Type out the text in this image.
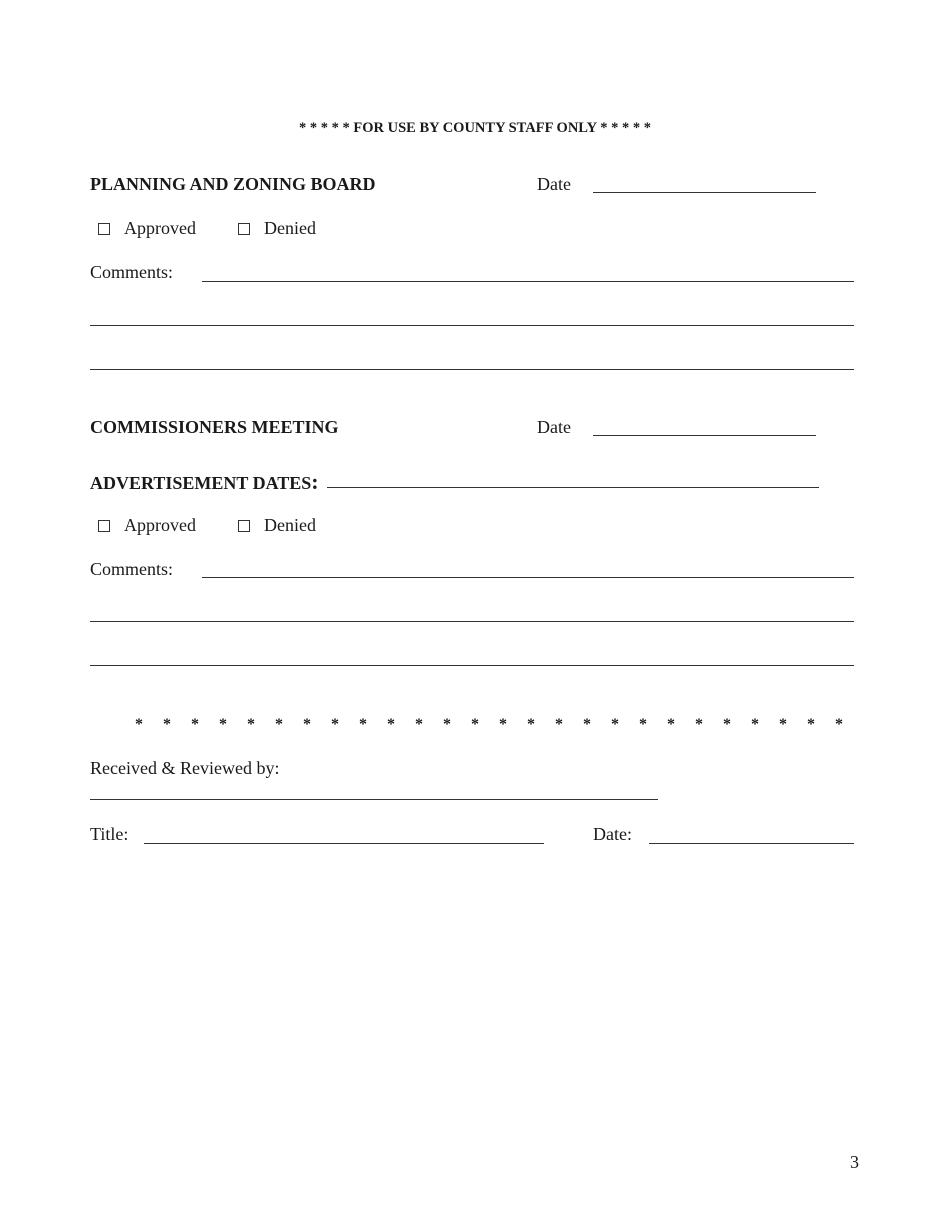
* * * * * FOR USE BY COUNTY STAFF ONLY * * * * *
PLANNING AND ZONING BOARD	Date
Approved	Denied
Comments:
COMMISSIONERS MEETING	Date
ADVERTISEMENT DATES:
Approved	Denied
Comments:
* * * * * * * * * * * * * * * * * * * * * * * * * *
Received & Reviewed by:
Title:	Date:
3
